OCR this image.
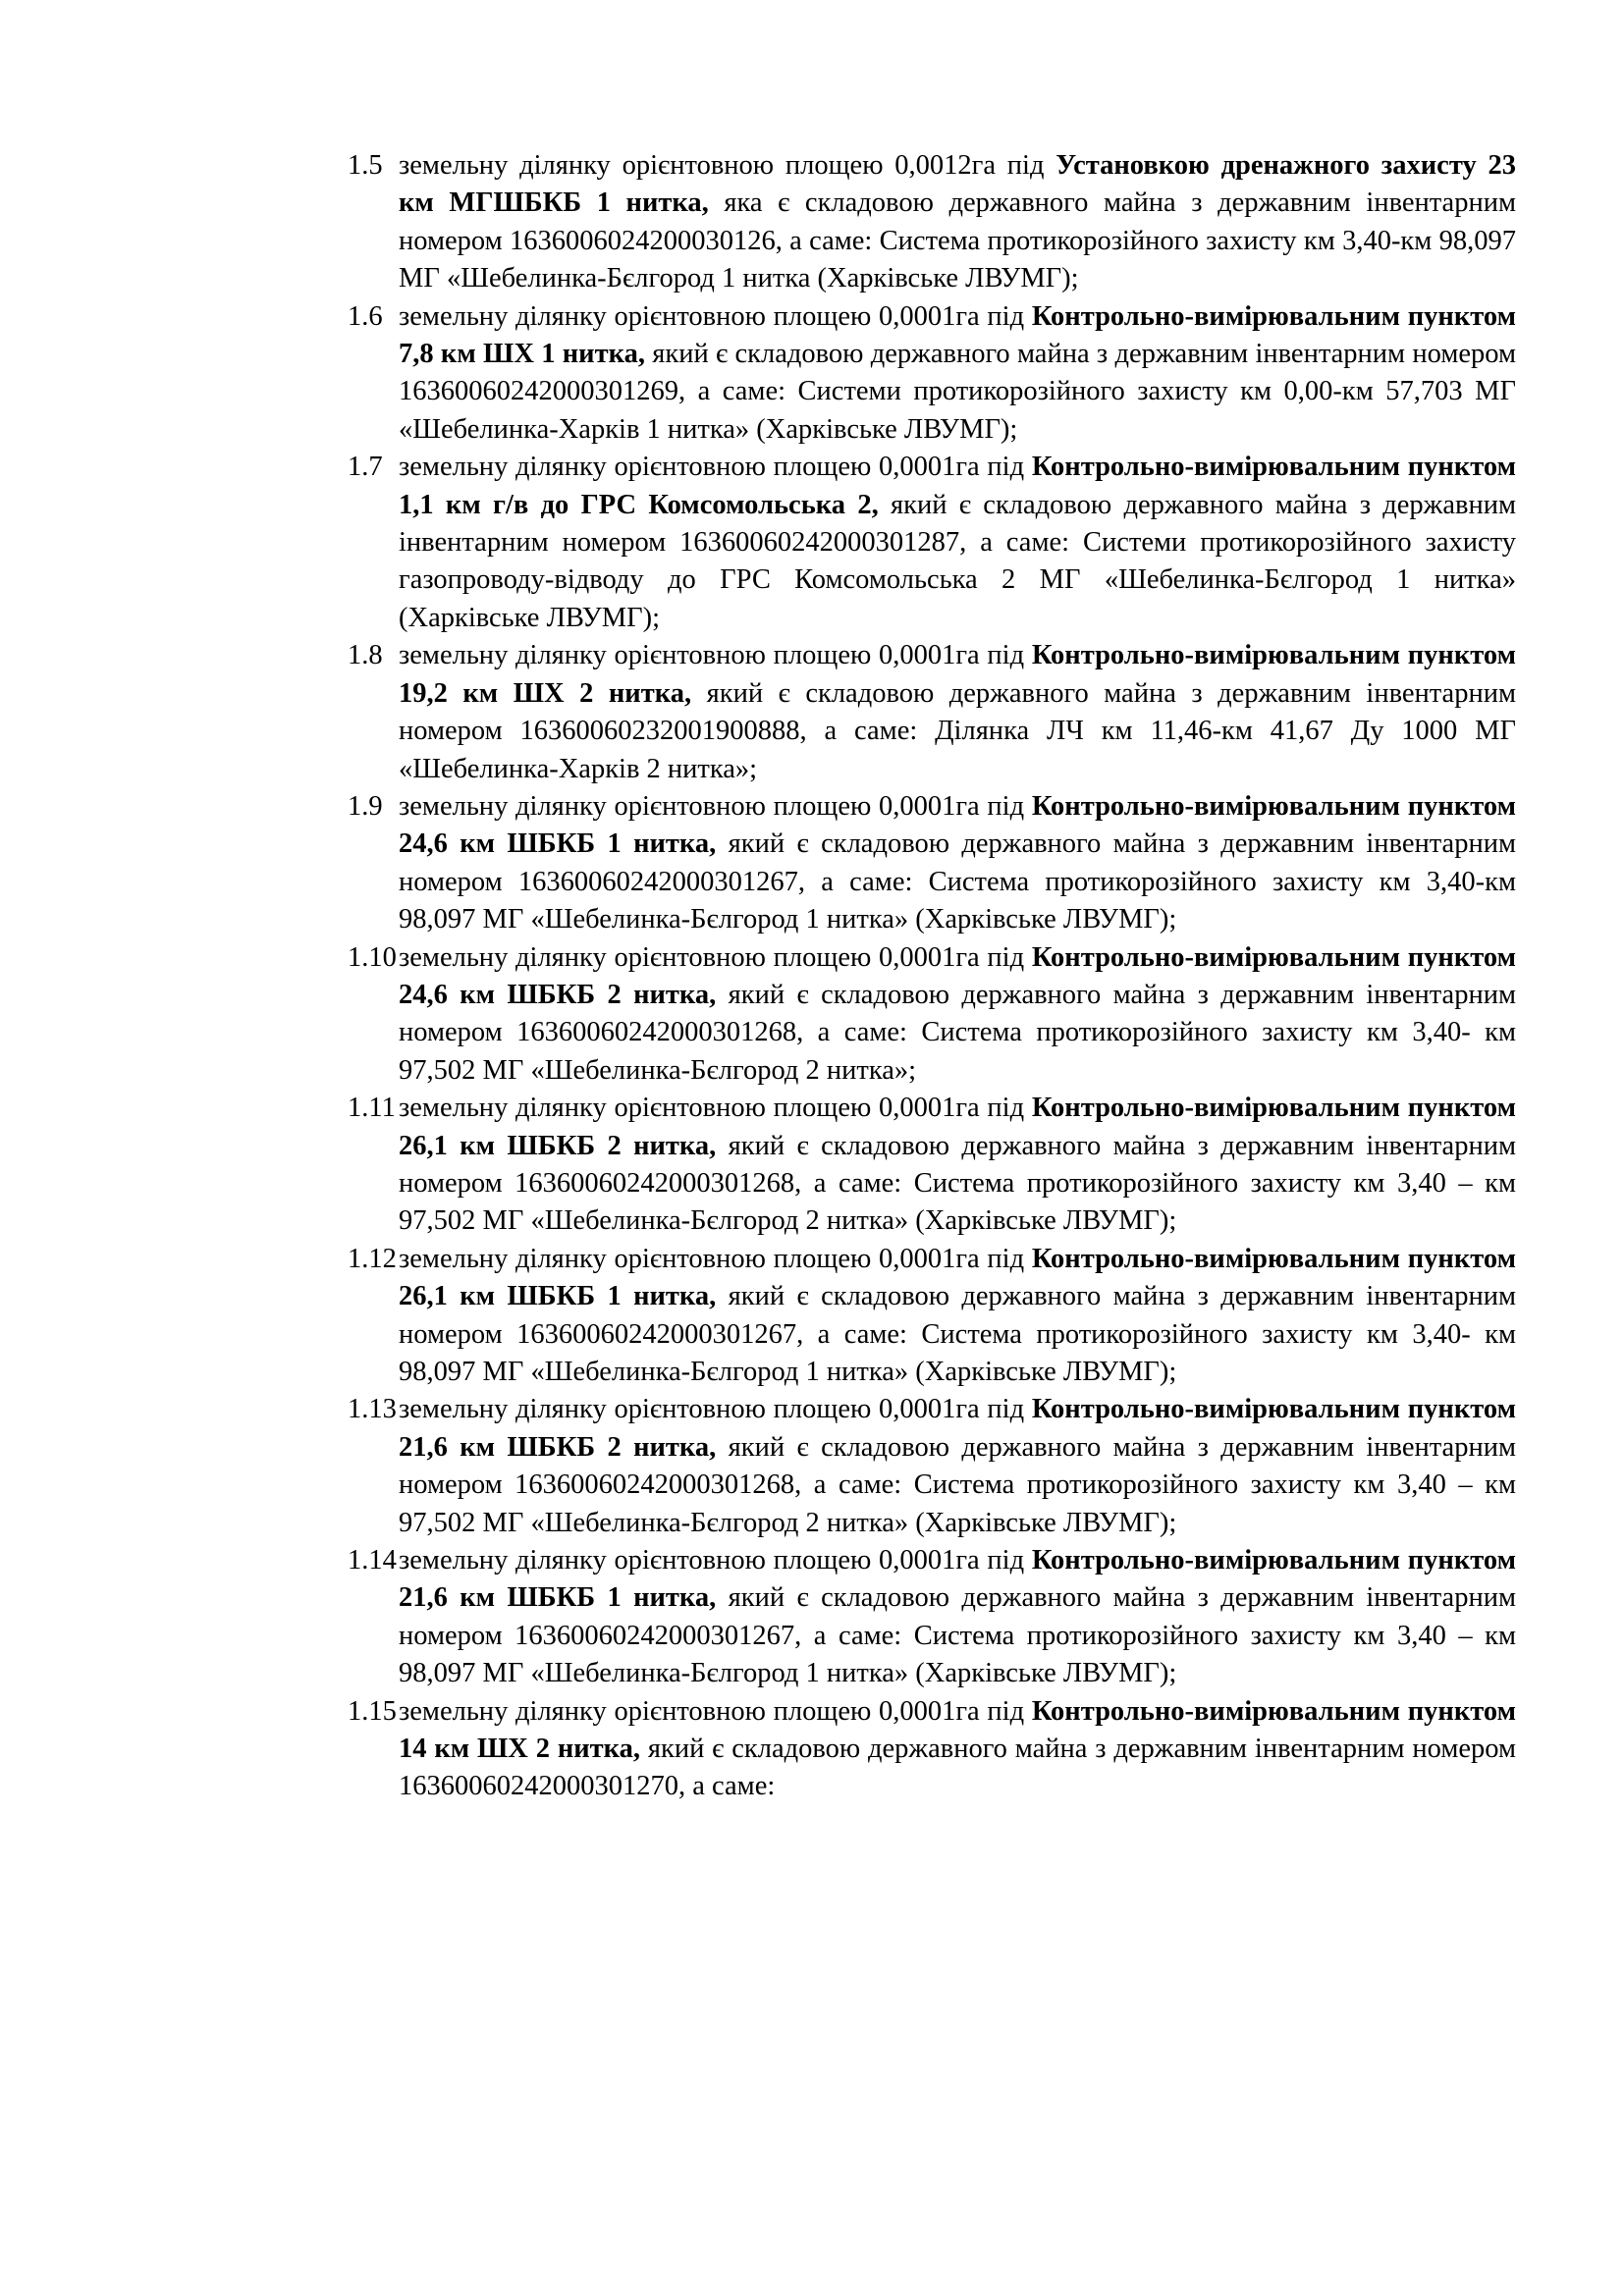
1.5 земельну ділянку орієнтовною площею 0,0012га під Установкою дренажного захисту 23 км МГШБКБ 1 нитка, яка є складовою державного майна з державним інвентарним номером 1636006024200030126, а саме: Система протикорозійного захисту км 3,40-км 98,097 МГ «Шебелинка-Бєлгород 1 нитка (Харківське ЛВУМГ);
1.6 земельну ділянку орієнтовною площею 0,0001га під Контрольно-вимірювальним пунктом 7,8 км ШХ 1 нитка, який є складовою державного майна з державним інвентарним номером 16360060242000301269, а саме: Системи протикорозійного захисту км 0,00-км 57,703 МГ «Шебелинка-Харків 1 нитка» (Харківське ЛВУМГ);
1.7 земельну ділянку орієнтовною площею 0,0001га під Контрольно-вимірювальним пунктом 1,1 км г/в до ГРС Комсомольська 2, який є складовою державного майна з державним інвентарним номером 16360060242000301287, а саме: Системи протикорозійного захисту газопроводу-відводу до ГРС Комсомольська 2 МГ «Шебелинка-Бєлгород 1 нитка» (Харківське ЛВУМГ);
1.8 земельну ділянку орієнтовною площею 0,0001га під Контрольно-вимірювальним пунктом 19,2 км ШХ 2 нитка, який є складовою державного майна з державним інвентарним номером 16360060232001900888, а саме: Ділянка ЛЧ км 11,46-км 41,67 Ду 1000 МГ «Шебелинка-Харків 2 нитка»;
1.9 земельну ділянку орієнтовною площею 0,0001га під Контрольно-вимірювальним пунктом 24,6 км ШБКБ 1 нитка, який є складовою державного майна з державним інвентарним номером 16360060242000301267, а саме: Система протикорозійного захисту км 3,40-км 98,097 МГ «Шебелинка-Бєлгород 1 нитка» (Харківське ЛВУМГ);
1.10 земельну ділянку орієнтовною площею 0,0001га під Контрольно-вимірювальним пунктом 24,6 км ШБКБ 2 нитка, який є складовою державного майна з державним інвентарним номером 16360060242000301268, а саме: Система протикорозійного захисту км 3,40- км 97,502 МГ «Шебелинка-Бєлгород 2 нитка»;
1.11 земельну ділянку орієнтовною площею 0,0001га під Контрольно-вимірювальним пунктом 26,1 км ШБКБ 2 нитка, який є складовою державного майна з державним інвентарним номером 16360060242000301268, а саме: Система протикорозійного захисту км 3,40 – км 97,502 МГ «Шебелинка-Бєлгород 2 нитка» (Харківське ЛВУМГ);
1.12 земельну ділянку орієнтовною площею 0,0001га під Контрольно-вимірювальним пунктом 26,1 км ШБКБ 1 нитка, який є складовою державного майна з державним інвентарним номером 16360060242000301267, а саме: Система протикорозійного захисту км 3,40- км 98,097 МГ «Шебелинка-Бєлгород 1 нитка» (Харківське ЛВУМГ);
1.13 земельну ділянку орієнтовною площею 0,0001га під Контрольно-вимірювальним пунктом 21,6 км ШБКБ 2 нитка, який є складовою державного майна з державним інвентарним номером 16360060242000301268, а саме: Система протикорозійного захисту км 3,40 – км 97,502 МГ «Шебелинка-Бєлгород 2 нитка» (Харківське ЛВУМГ);
1.14 земельну ділянку орієнтовною площею 0,0001га під Контрольно-вимірювальним пунктом 21,6 км ШБКБ 1 нитка, який є складовою державного майна з державним інвентарним номером 16360060242000301267, а саме: Система протикорозійного захисту км 3,40 – км 98,097 МГ «Шебелинка-Бєлгород 1 нитка» (Харківське ЛВУМГ);
1.15 земельну ділянку орієнтовною площею 0,0001га під Контрольно-вимірювальним пунктом 14 км ШХ 2 нитка, який є складовою державного майна з державним інвентарним номером 16360060242000301270, а саме:
